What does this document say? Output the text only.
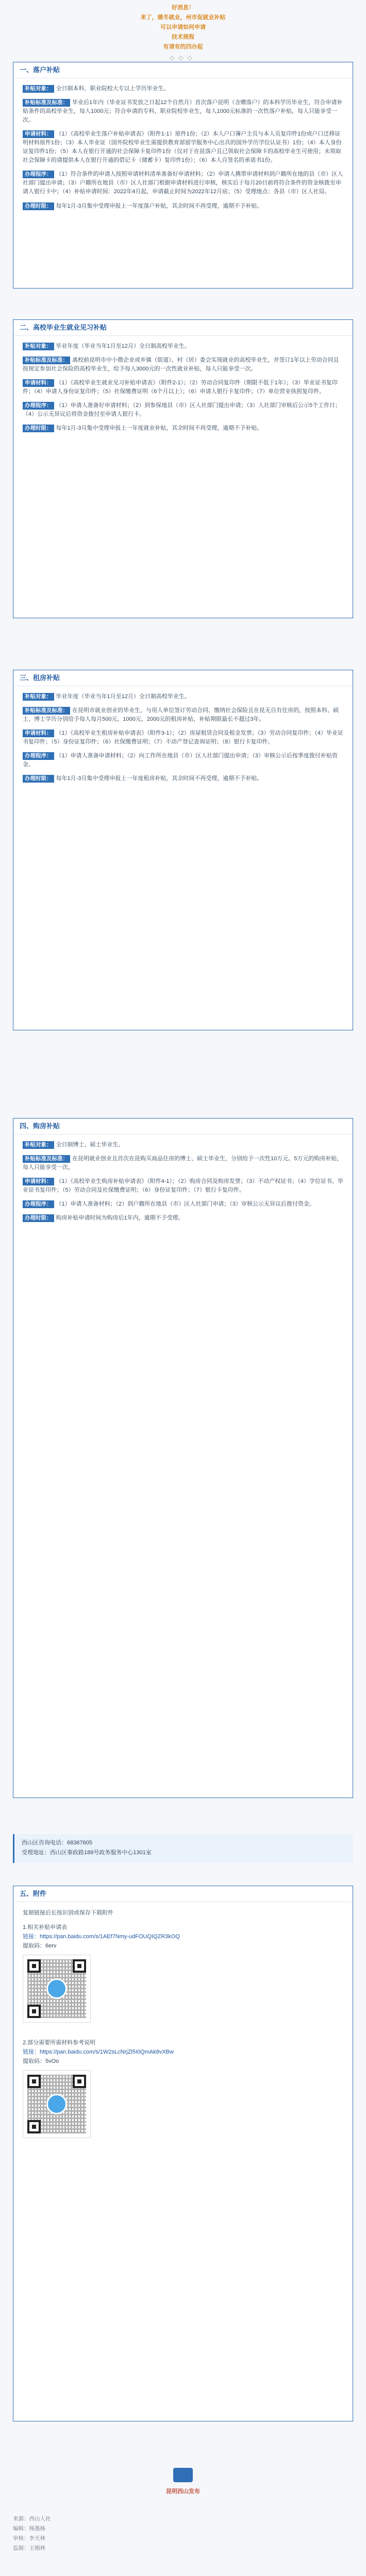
好消息！
来了，暖冬就业，州市促就业补贴
可以申请如何申请
技术规程
有请有的四办起
◇◇◇
一、落户补贴
补贴对象： 全日制本科、职业院校大专以上学历毕业生。
补贴标准及标准： 毕业后1年内（毕业证书发放之日起12个自然月）首次落户昆明（含赠落户）的本科学历毕业生，符合申请补贴条件的高校毕业生，每人1000元；符合申请的专科，职业院校毕业生，每人1000元标准的一次性落户补贴，每人只能享受一次。
申请材料： （1）《高校毕业生落户补贴申请表》（附件1-1）原件1份；（2）本人户口簿户主页与本人页复印件1份或户口迁移证明材料原件1份；（3）本人毕业证（国外院校毕业生需提供教育部留学服务中心出具的国外学历学位认证书）1份；（4）本人身份证复印件1份；（5）本人在银行开通的社会保障卡复印件1份（仅对于在昆落户且已领取社会保障卡的高校毕业生可使用；未领取社会保障卡的请提供本人在银行开通的借记卡（储蓄卡）复印件1份）；（6）本人自签名的承诺书1份。
办理程序： （1）符合条件的申请人按照申请材料清单准备好申请材料；（2）申请人携带申请材料到户籍所在地的县（市）区人社部门提出申请；（3）户籍所在地县（市）区人社部门根据申请材料进行审核，核实后于每月20日前将符合条件的资金核拨至申请人银行卡中；（4）补贴申请时间：2022年4月起，申请截止时间为2022年12月底；（5）受理地点：各县（市）区人社局。
办理时限： 每年1月-3月集中受理申报上一年度落户补贴，其余时间不再受理，逾期不予补贴。
二、高校毕业生就业见习补贴
补贴对象： 毕业年度（毕业当年1月至12月）全日制高校毕业生。
补贴标准及标准： 离校前昆明市中小微企业或乡镇（街道）、村（居）委会实现就业的高校毕业生，并签订1年以上劳动合同且按规定参加社会保险的高校毕业生，给予每人3000元的一次性就业补贴，每人只能享受一次。
申请材料： （1）《高校毕业生就业见习补贴申请表》（附件2-1）；（2）劳动合同复印件（期限不低于1年）；（3）毕业证书复印件；（4）申请人身份证复印件；（5）社保缴费证明（6个月以上）；（6）申请人银行卡复印件；（7）单位营业执照复印件。
办理程序： （1）申请人准备好申请材料；（2）到参保地县（市）区人社部门提出申请；（3）人社部门审核后公示5个工作日；（4）公示无异议后将资金拨付至申请人银行卡。
办理时限： 每年1月-3月集中受理申报上一年度就业补贴，其余时间不再受理，逾期不予补贴。
三、租房补贴
补贴对象： 毕业年度（毕业当年1月至12月）全日制高校毕业生。
补贴标准及标准： 在昆明市就业创业的毕业生，与用人单位签订劳动合同、缴纳社会保险且在昆无自有住房的，按照本科、硕士、博士学历分别给予每人每月500元、1000元、2000元的租房补贴，补贴期限最长不超过3年。
申请材料： （1）《高校毕业生租房补贴申请表》（附件3-1）；（2）房屋租赁合同及租金发票；（3）劳动合同复印件；（4）毕业证书复印件；（5）身份证复印件；（6）社保缴费证明；（7）不动产登记查询证明；（8）银行卡复印件。
办理程序： （1）申请人准备申请材料；（2）向工作所在地县（市）区人社部门提出申请；（3）审核公示后按季度拨付补贴资金。
办理时限： 每年1月-3月集中受理申报上一年度租房补贴，其余时间不再受理，逾期不予补贴。
四、购房补贴
补贴对象： 全日制博士、硕士毕业生。
补贴标准及标准： 在昆明就业创业且首次在昆购买商品住房的博士、硕士毕业生，分别给予一次性10万元、5万元的购房补贴，每人只能享受一次。
申请材料： （1）《高校毕业生购房补贴申请表》（附件4-1）；（2）购房合同及购房发票；（3）不动产权证书；（4）学位证书、毕业证书复印件；（5）劳动合同及社保缴费证明；（6）身份证复印件；（7）银行卡复印件。
办理程序： （1）申请人准备材料；（2）到户籍所在地县（市）区人社部门申请；（3）审核公示无异议后拨付资金。
办理时限： 购房补贴申请时间为购房后1年内，逾期不予受理。
西山区咨询电话：68367605
受理地址：西山区秦政路188号政务服务中心1301室
五、附件
复制链接后长按识别或保存下载附件
1.相关补贴申请表
链接：https://pan.baidu.com/s/1AEf7Nmy-udFOUQIQZR3kOQ
提取码：6erv
2.部分需要所需材料参考说明
链接：https://pan.baidu.com/s/1W2sLcNrjZl5I0QmAk8vXBw
提取码：5vOo
昆明西山发布
来源：西山人社
编辑：杨墨杨
审核：李天林
监制：王刚林
